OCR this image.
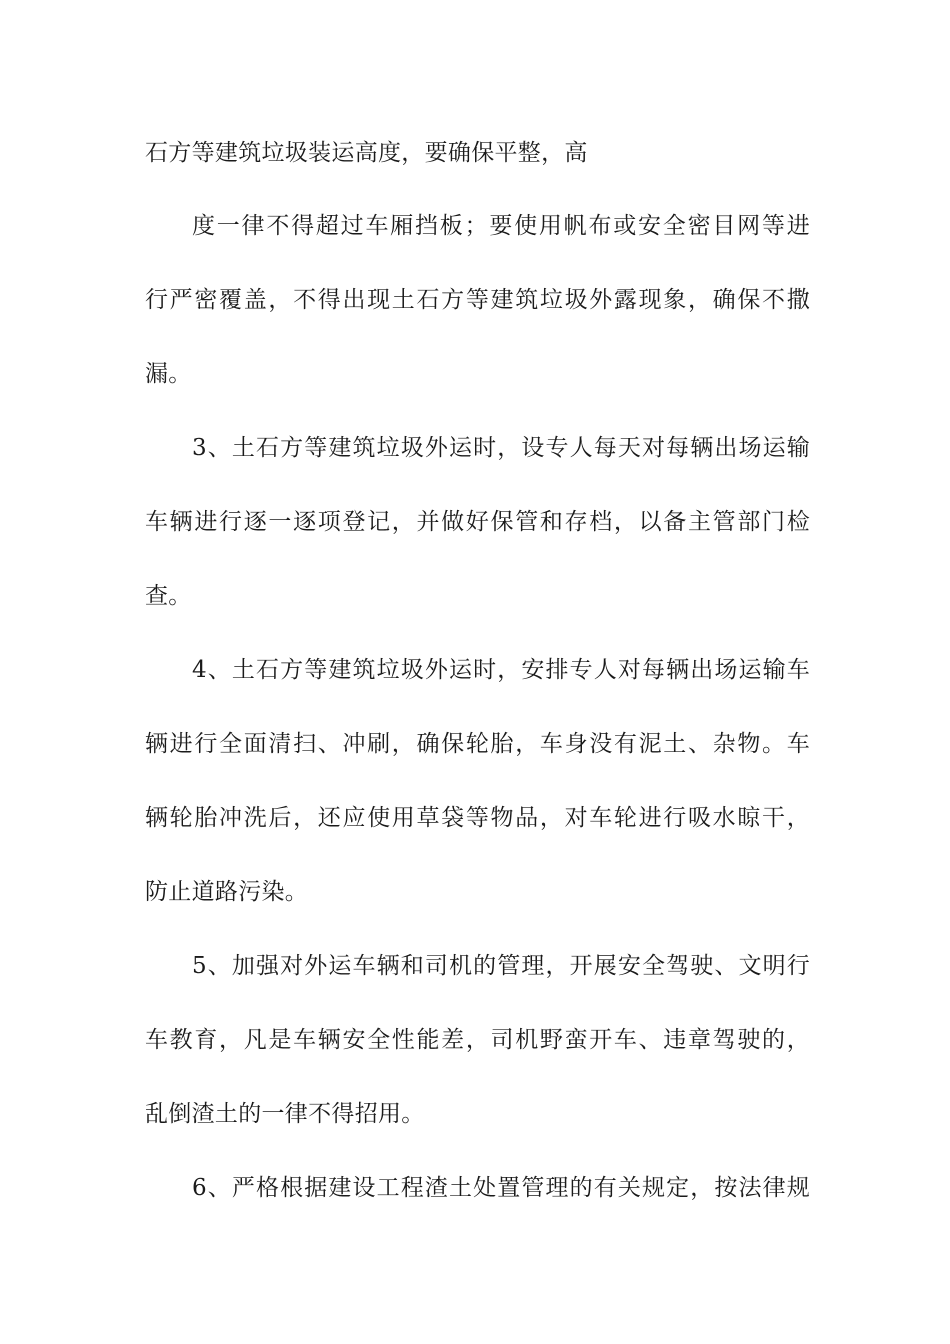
石方等建筑垃圾装运高度，要确保平整，高
度一律不得超过车厢挡板；要使用帆布或安全密目网等进
行严密覆盖，不得出现土石方等建筑垃圾外露现象，确保不撒
漏。
3、土石方等建筑垃圾外运时，设专人每天对每辆出场运输
车辆进行逐一逐项登记，并做好保管和存档，以备主管部门检
查。
4、土石方等建筑垃圾外运时，安排专人对每辆出场运输车
辆进行全面清扫、冲刷，确保轮胎，车身没有泥土、杂物。车
辆轮胎冲洗后，还应使用草袋等物品，对车轮进行吸水晾干，
防止道路污染。
5、加强对外运车辆和司机的管理，开展安全驾驶、文明行
车教育，凡是车辆安全性能差，司机野蛮开车、违章驾驶的，
乱倒渣土的一律不得招用。
6、严格根据建设工程渣土处置管理的有关规定，按法律规
